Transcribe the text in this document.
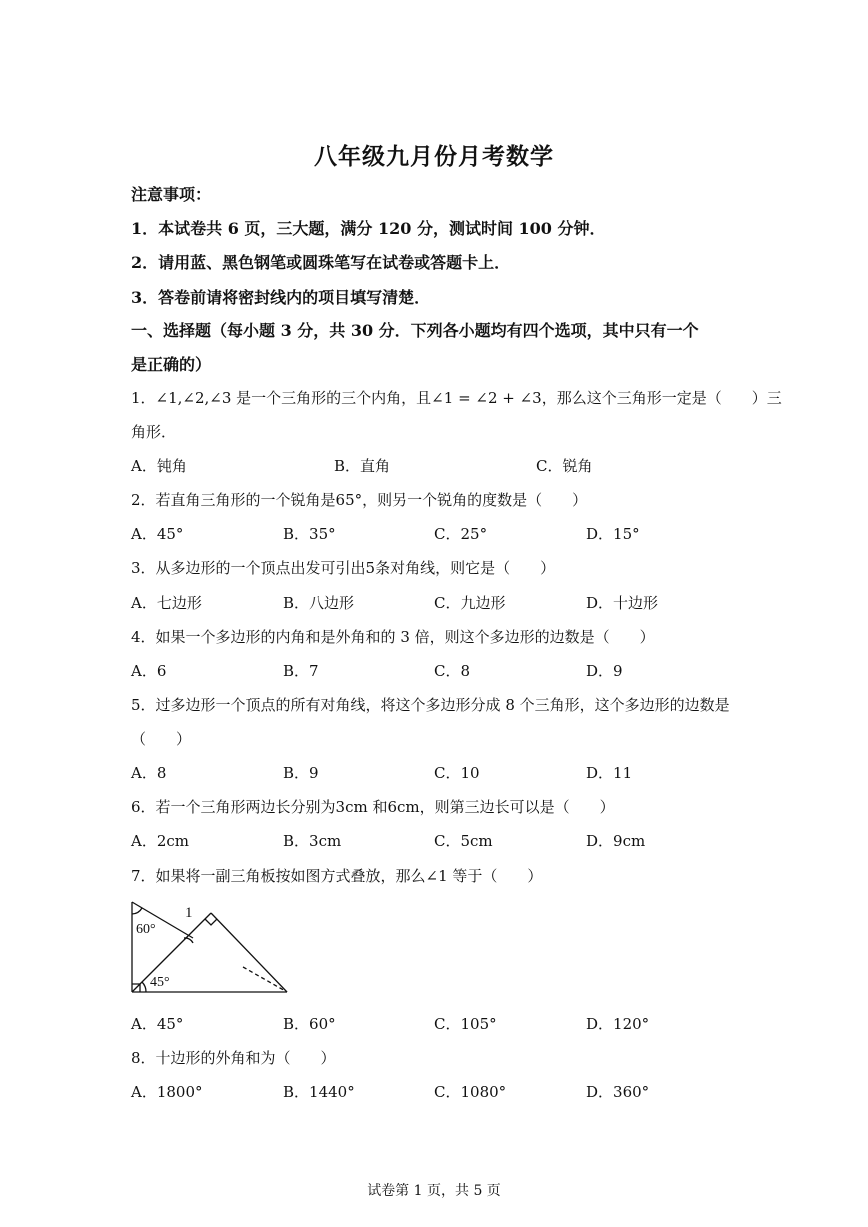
八年级九月份月考数学
注意事项：
1．本试卷共 6 页，三大题，满分 120 分，测试时间 100 分钟．
2．请用蓝、黑色钢笔或圆珠笔写在试卷或答题卡上．
3．答卷前请将密封线内的项目填写清楚．
一、选择题（每小题 3 分，共 30 分．下列各小题均有四个选项，其中只有一个
是正确的）
1．∠1,∠2,∠3 是一个三角形的三个内角，且∠1 = ∠2 + ∠3，那么这个三角形一定是（　　）三
角形．
A．钝角	B．直角	C．锐角
2．若直角三角形的一个锐角是65°，则另一个锐角的度数是（　　）
A．45°	B．35°	C．25°	D．15°
3．从多边形的一个顶点出发可引出5条对角线，则它是（　　）
A．七边形	B．八边形	C．九边形	D．十边形
4．如果一个多边形的内角和是外角和的 3 倍，则这个多边形的边数是（　　）
A．6	B．7	C．8	D．9
5．过多边形一个顶点的所有对角线，将这个多边形分成 8 个三角形，这个多边形的边数是
（　　）
A．8	B．9	C．10	D．11
6．若一个三角形两边长分别为3cm 和6cm，则第三边长可以是（　　）
A．2cm	B．3cm	C．5cm	D．9cm
7．如果将一副三角板按如图方式叠放，那么∠1 等于（　　）
1
60°
45°
A．45°	B．60°	C．105°	D．120°
8．十边形的外角和为（　　）
A．1800°	B．1440°	C．1080°	D．360°
试卷第 1 页，共 5 页
